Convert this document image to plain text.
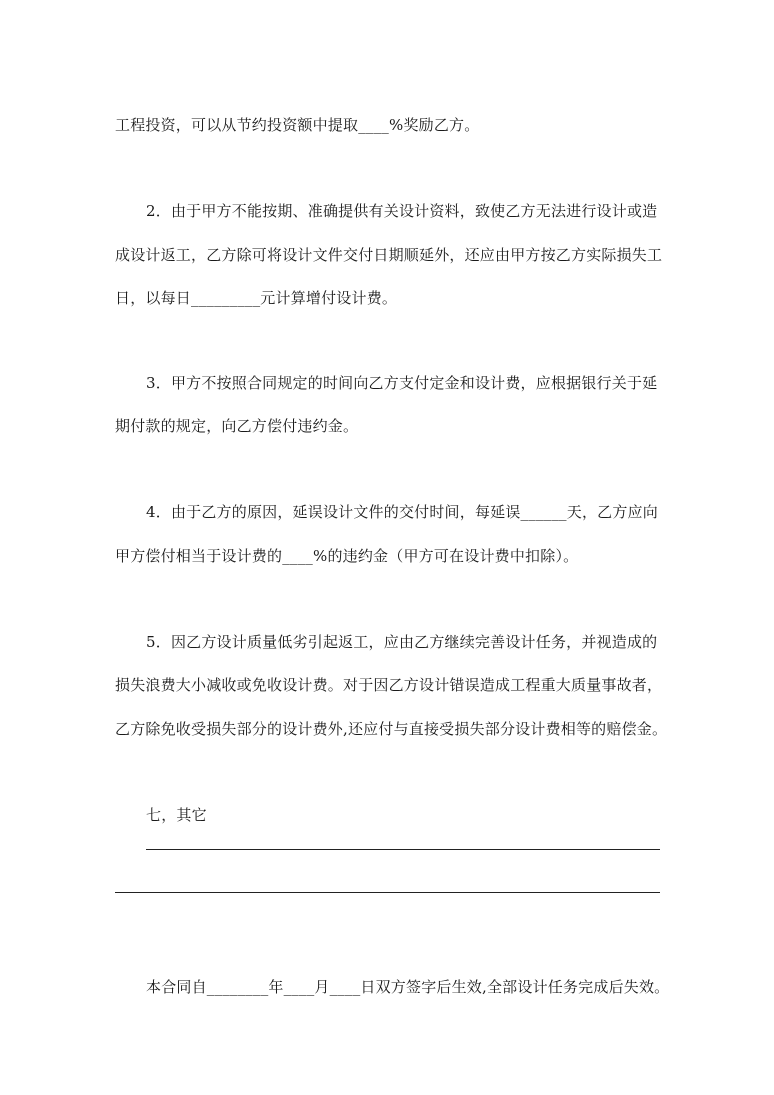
工程投资，可以从节约投资额中提取____%奖励乙方。

2．由于甲方不能按期、准确提供有关设计资料，致使乙方无法进行设计或造

成设计返工，乙方除可将设计文件交付日期顺延外，还应由甲方按乙方实际损失工

日，以每日_________元计算增付设计费。

3．甲方不按照合同规定的时间向乙方支付定金和设计费，应根据银行关于延

期付款的规定，向乙方偿付违约金。

4．由于乙方的原因，延误设计文件的交付时间，每延误______天，乙方应向

甲方偿付相当于设计费的____%的违约金（甲方可在设计费中扣除）。

5．因乙方设计质量低劣引起返工，应由乙方继续完善设计任务，并视造成的

损失浪费大小减收或免收设计费。对于因乙方设计错误造成工程重大质量事故者，

乙方除免收受损失部分的设计费外,还应付与直接受损失部分设计费相等的赔偿金。

七，其它

本合同自________年____月____日双方签字后生效,全部设计任务完成后失效。
